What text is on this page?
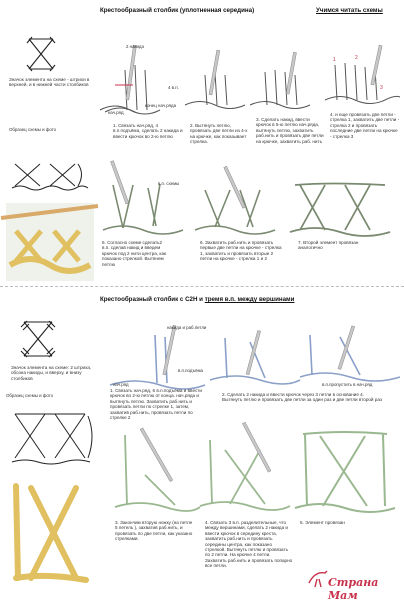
Крестообразный столбик (уплотненная середина)	Учимся читать схемы
Значок элемента на схеме - штрихи в верхней, и в нижней части столбиков
Образец схемы и фото
2 накида
4 в.п.
нач.ряд
конец нач.ряда
1. Связать нач.ряд, 4 в.п.подъёма, сделать 2 накида и ввести крючок во 2-ю петлю
2. Вытянуть петлю, провязать две петли из 4-х на крючке, как показывает стрелка.
3. Сделать накид, ввести крючок в 5-ю петлю нач.ряда, вытянуть петлю, захватить раб.нить и провязать две петли на крючке, захватить раб. нить
1	2
3
4. и еще провязать две петли - стрелка 1, захватить две петли - стрелка 2 и провязать последние две петли на крючке - стрелка 3
в.п. схемы
5. Согласно схеме сделать2 в.п. сделав накид и введем крючок под 2 нити центра, как показано стрелкой. Вытянем петлю
6. Захватить раб.нить и провязать первые две петли на крючке - стрелка 1, захватить и провязать вторые 2 петли на крючке - стрелка 1 и 2
7. Второй элемент провязан аналогично
Крестообразный столбик с С2Н и тремя в.п. между вершинами
Значок элемента на схеме: 2 штриха, обозна накиды, и вверху, и внизу столбиков
Образец схемы и фото
накида и раб.петли
в.п.подъёма
нач.ряд
1. Связать нач.ряд, 6 в.п.подъёма и ввести крючок во 2-ю петлю от конца. нач.ряда и вытянуть петлю. Захватить раб.нить и провязать петли по стрелке 1, затем, захватив раб.нить, провязать петли по стрелке 2
в.п.пропустить в нач.ряд
2. Сделать 2 накида и ввести крючок через 3 петли в основание 4. Вытянуть петлю и провязать две петли за один раз и две петли второй раз
3. Закончим вторую ножку (на петле 5 петель ), захватив раб.нить, и провязать по две петли, как указано стрелками.
4. Связать 3 в.п. разделительные, что между вершинами, сделать 2 накида и ввести крючок в середину креста, захватить раб.нить и провязать середины центра, как показано стрелкой. Вытянуть петлю и провязать по 2 петли. На крючке 4 петли. Захватить раб.нить и провязать попарно все петли.
5. Элемент провязан
Страна Мам
